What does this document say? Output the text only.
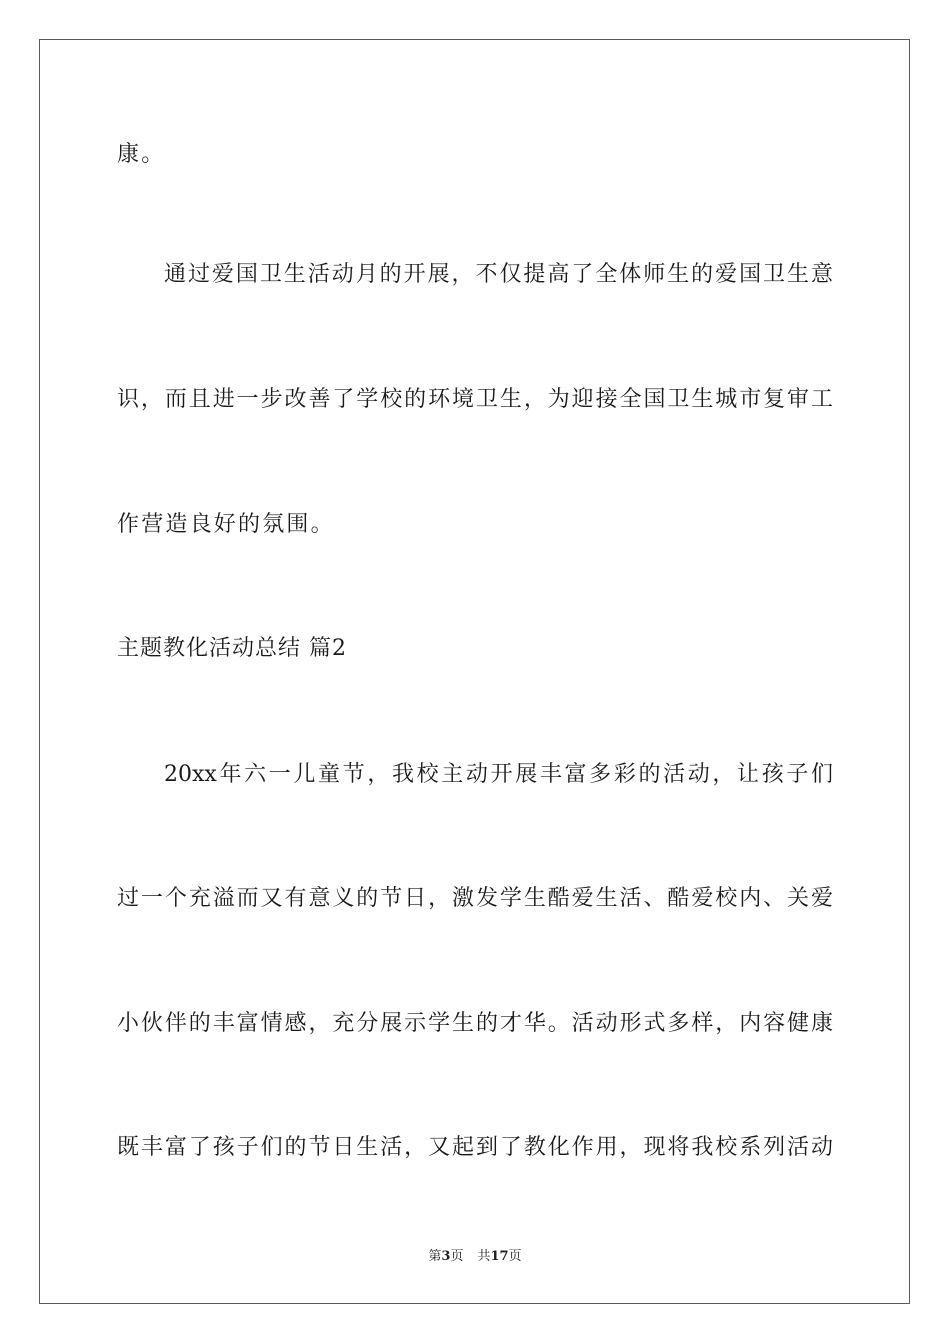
康。
通过爱国卫生活动月的开展，不仅提高了全体师生的爱国卫生意
识，而且进一步改善了学校的环境卫生，为迎接全国卫生城市复审工
作营造良好的氛围。
主题教化活动总结 篇2
20xx年六一儿童节，我校主动开展丰富多彩的活动，让孩子们
过一个充溢而又有意义的节日，激发学生酷爱生活、酷爱校内、关爱
小伙伴的丰富情感，充分展示学生的才华。活动形式多样，内容健康
既丰富了孩子们的节日生活，又起到了教化作用，现将我校系列活动
第3页 共17页
